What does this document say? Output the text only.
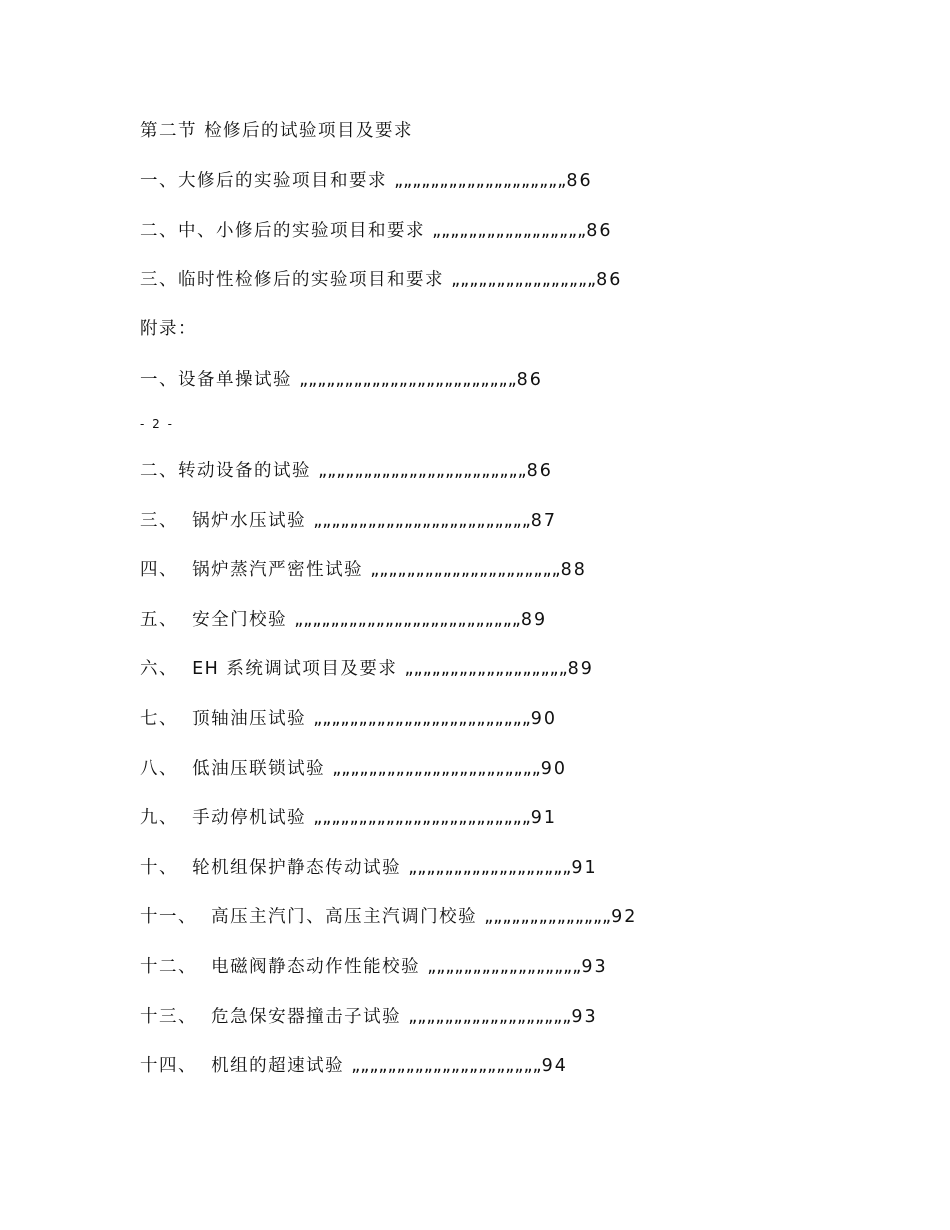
第二节 检修后的试验项目及要求
一、大修后的实验项目和要求 „„„„„„„„„„„„„„„„„„„86
二、中、小修后的实验项目和要求 „„„„„„„„„„„„„„„„„86
三、临时性检修后的实验项目和要求 „„„„„„„„„„„„„„„„86
附录：
一、设备单操试验 „„„„„„„„„„„„„„„„„„„„„„„„86
- 2 -
二、转动设备的试验 „„„„„„„„„„„„„„„„„„„„„„„86
三、  锅炉水压试验 „„„„„„„„„„„„„„„„„„„„„„„„87
四、  锅炉蒸汽严密性试验 „„„„„„„„„„„„„„„„„„„„„88
五、  安全门校验 „„„„„„„„„„„„„„„„„„„„„„„„„89
六、  EH 系统调试项目及要求 „„„„„„„„„„„„„„„„„„89
七、  顶轴油压试验 „„„„„„„„„„„„„„„„„„„„„„„„90
八、  低油压联锁试验 „„„„„„„„„„„„„„„„„„„„„„„90
九、  手动停机试验 „„„„„„„„„„„„„„„„„„„„„„„„91
十、  轮机组保护静态传动试验 „„„„„„„„„„„„„„„„„„91
十一、  高压主汽门、高压主汽调门校验 „„„„„„„„„„„„„„92
十二、  电磁阀静态动作性能校验 „„„„„„„„„„„„„„„„„93
十三、  危急保安器撞击子试验 „„„„„„„„„„„„„„„„„„93
十四、  机组的超速试验 „„„„„„„„„„„„„„„„„„„„„94
